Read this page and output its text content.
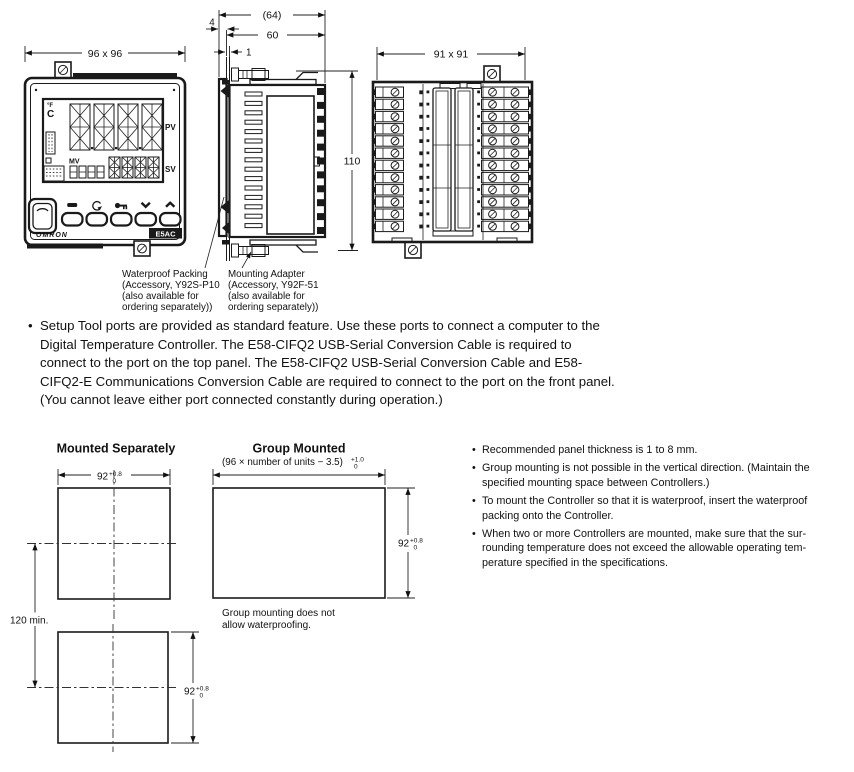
96 x 96
°F
C
PV
MV
SV
OMRON	E5AC
(64)
60
4
1
110
91 x 91
Waterproof Packing
(Accessory, Y92S-P10
(also available for
ordering separately))
Mounting Adapter
(Accessory, Y92F-51
(also available for
ordering separately))
• Setup Tool ports are provided as standard feature. Use these ports to connect a computer to the
Digital Temperature Controller. The E58-CIFQ2 USB-Serial Conversion Cable is required to
connect to the port on the top panel. The E58-CIFQ2 USB-Serial Conversion Cable and E58-
CIFQ2-E Communications Conversion Cable are required to connect to the port on the front panel.
(You cannot leave either port connected constantly during operation.)
Mounted Separately
92 +0.8
0
120 min.
92 +0.8
0
Group Mounted
(96 × number of units − 3.5) +1.0
0
92 +0.8
0
Group mounting does not
allow waterproofing.
• Recommended panel thickness is 1 to 8 mm.
• Group mounting is not possible in the vertical direction. (Maintain the
specified mounting space between Controllers.)
• To mount the Controller so that it is waterproof, insert the waterproof
packing onto the Controller.
• When two or more Controllers are mounted, make sure that the sur-
rounding temperature does not exceed the allowable operating tem-
perature specified in the specifications.
